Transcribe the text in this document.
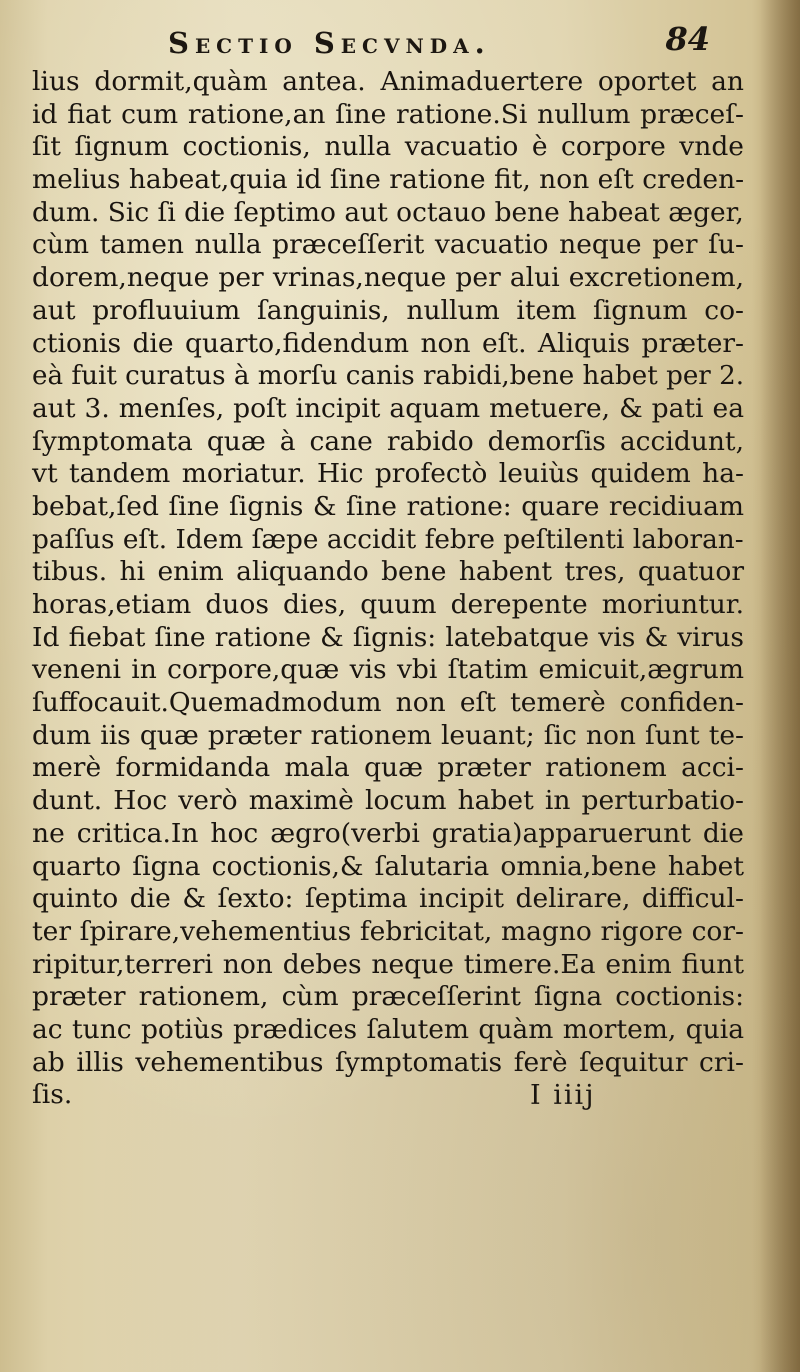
Sectio Secvnda.	84
lius dormit,quàm antea. Animaduertere oportet an
id fiat cum ratione,an ſine ratione.Si nullum præceſ-
ſit ſignum coctionis, nulla vacuatio è corpore vnde
melius habeat,quia id ſine ratione fit, non eſt creden-
dum. Sic ſi die ſeptimo aut octauo bene habeat æger,
cùm tamen nulla præceſſerit vacuatio neque per ſu-
dorem,neque per vrinas,neque per alui excretionem,
aut profluuium ſanguinis, nullum item ſignum co-
ctionis die quarto,fidendum non eſt. Aliquis præter-
eà fuit curatus à morſu canis rabidi,bene habet per 2.
aut 3. menſes, poſt incipit aquam metuere, & pati ea
ſymptomata quæ à cane rabido demorſis accidunt,
vt tandem moriatur. Hic profectò leuiùs quidem ha-
bebat,ſed ſine ſignis & ſine ratione: quare recidiuam
paſſus eſt. Idem ſæpe accidit febre peſtilenti laboran-
tibus. hi enim aliquando bene habent tres, quatuor
horas,etiam duos dies, quum derepente moriuntur.
Id fiebat ſine ratione & ſignis: latebatque vis & virus
veneni in corpore,quæ vis vbi ſtatim emicuit,ægrum
ſuffocauit.Quemadmodum non eſt temerè confiden-
dum iis quæ præter rationem leuant; ſic non ſunt te-
merè formidanda mala quæ præter rationem acci-
dunt. Hoc verò maximè locum habet in perturbatio-
ne critica.In hoc ægro(verbi gratia)apparuerunt die
quarto ſigna coctionis,& ſalutaria omnia,bene habet
quinto die & ſexto: ſeptima incipit delirare, difficul-
ter ſpirare,vehementius febricitat, magno rigore cor-
ripitur,terreri non debes neque timere.Ea enim fiunt
præter rationem, cùm præceſſerint ſigna coctionis:
ac tunc potiùs prædices ſalutem quàm mortem, quia
ab illis vehementibus ſymptomatis ferè ſequitur cri-
ſis.	I iiij
